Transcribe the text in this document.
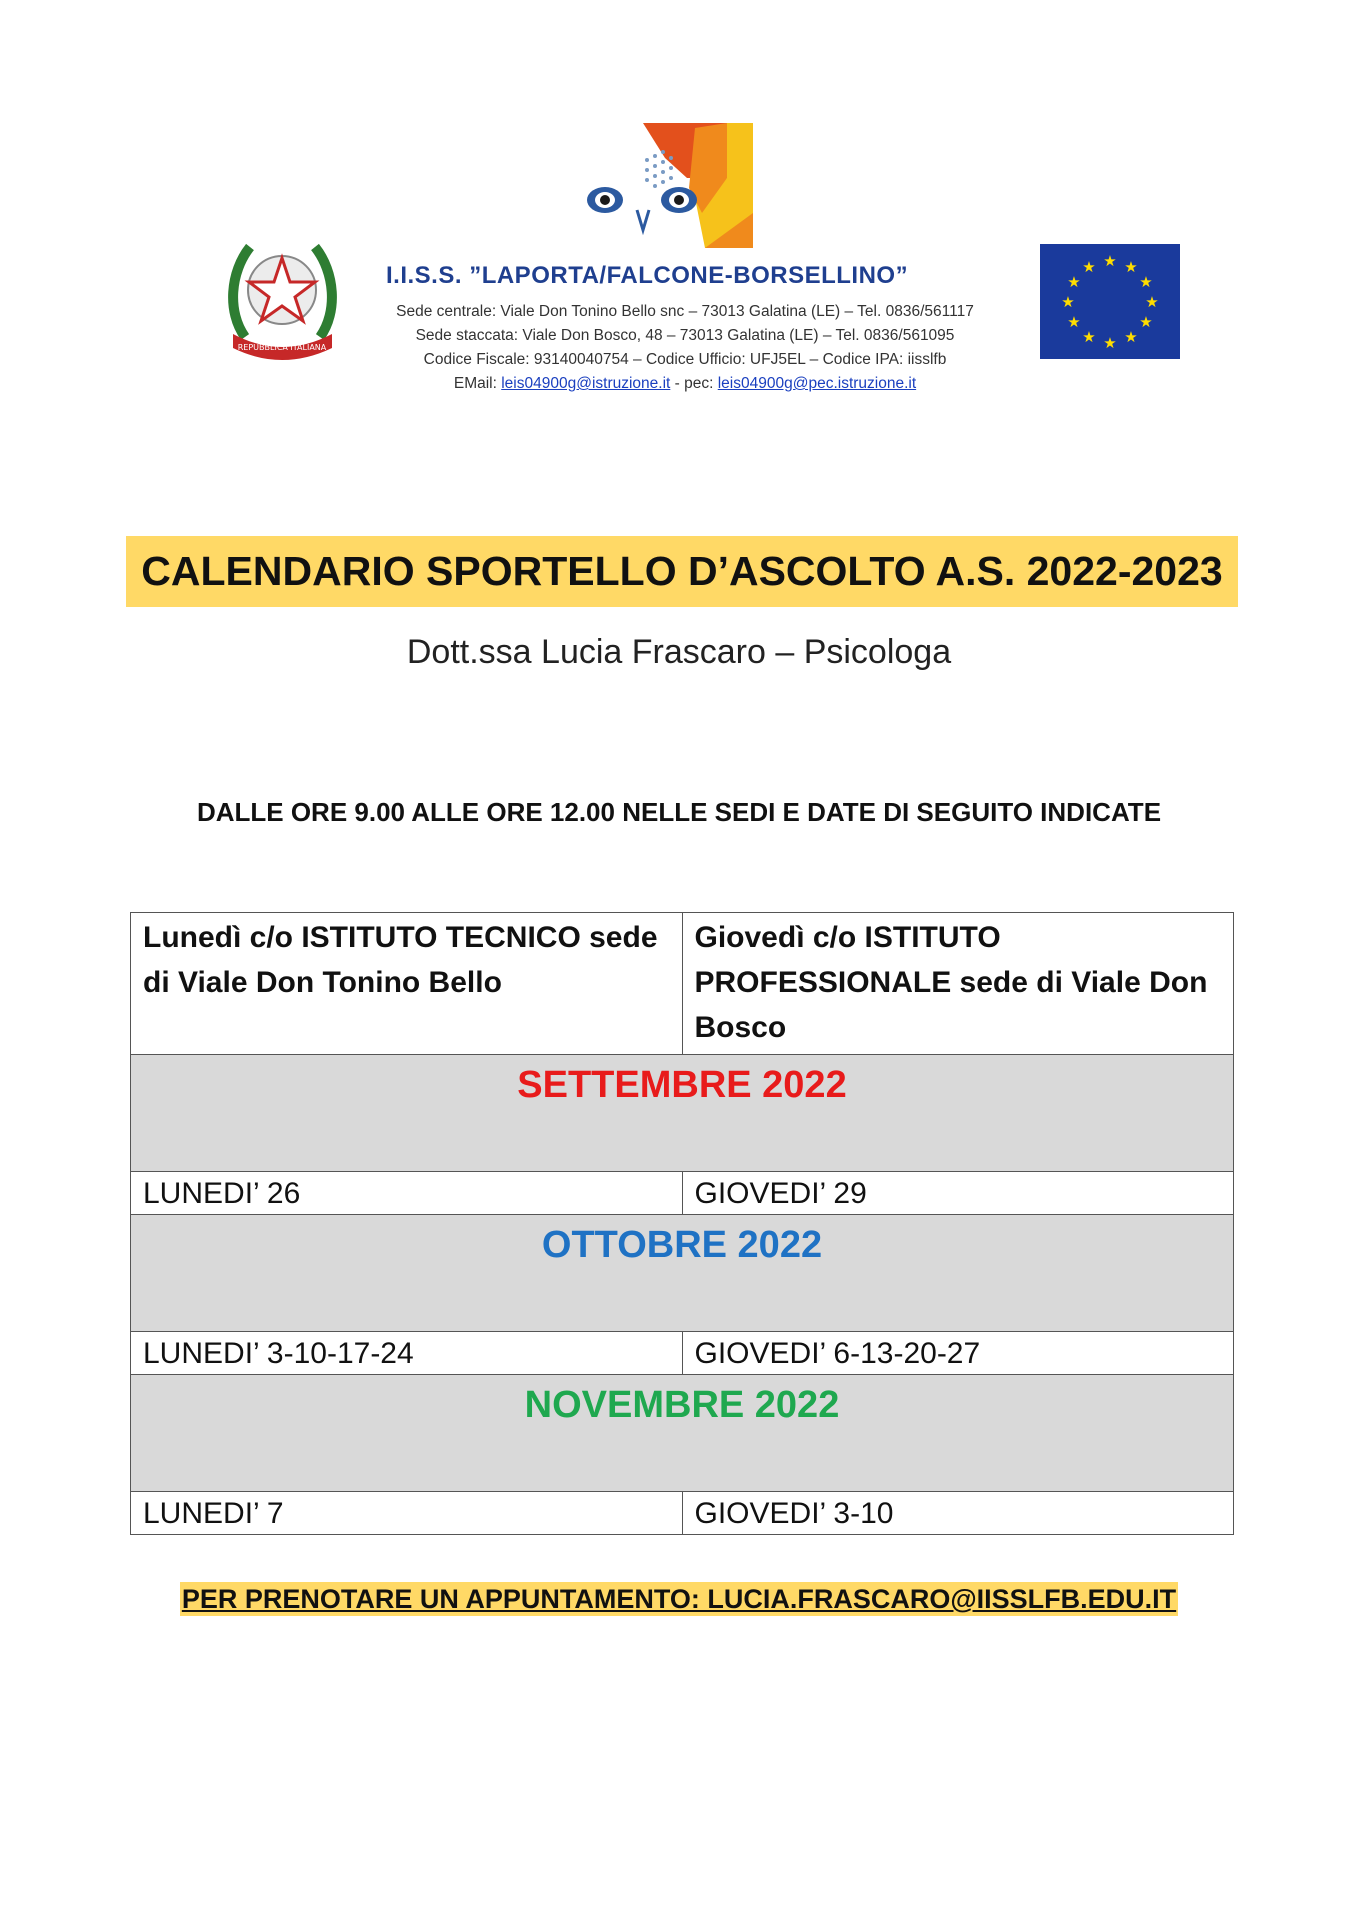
REPUBBLICA ITALIANA
★ ★
★
★
★
★
★
★
★
★
★
★
I.I.S.S. ”LAPORTA/FALCONE-BORSELLINO”
Sede centrale: Viale Don Tonino Bello snc – 73013 Galatina (LE) – Tel. 0836/561117
Sede staccata: Viale Don Bosco, 48 – 73013 Galatina (LE) – Tel. 0836/561095
Codice Fiscale: 93140040754 – Codice Ufficio: UFJ5EL – Codice IPA: iisslfb
EMail: leis04900g@istruzione.it - pec: leis04900g@pec.istruzione.it
CALENDARIO SPORTELLO D’ASCOLTO A.S. 2022-2023
Dott.ssa Lucia Frascaro – Psicologa
DALLE ORE 9.00 ALLE ORE 12.00 NELLE SEDI E DATE DI SEGUITO INDICATE
Lunedì c/o ISTITUTO TECNICO sede di Viale Don Tonino Bello	Giovedì c/o ISTITUTO PROFESSIONALE sede di Viale Don Bosco
SETTEMBRE 2022	
LUNEDI’ 26	GIOVEDI’ 29
OTTOBRE 2022	
LUNEDI’ 3-10-17-24	GIOVEDI’ 6-13-20-27
NOVEMBRE 2022	
LUNEDI’ 7	GIOVEDI’ 3-10
PER PRENOTARE UN APPUNTAMENTO: LUCIA.FRASCARO@IISSLFB.EDU.IT
